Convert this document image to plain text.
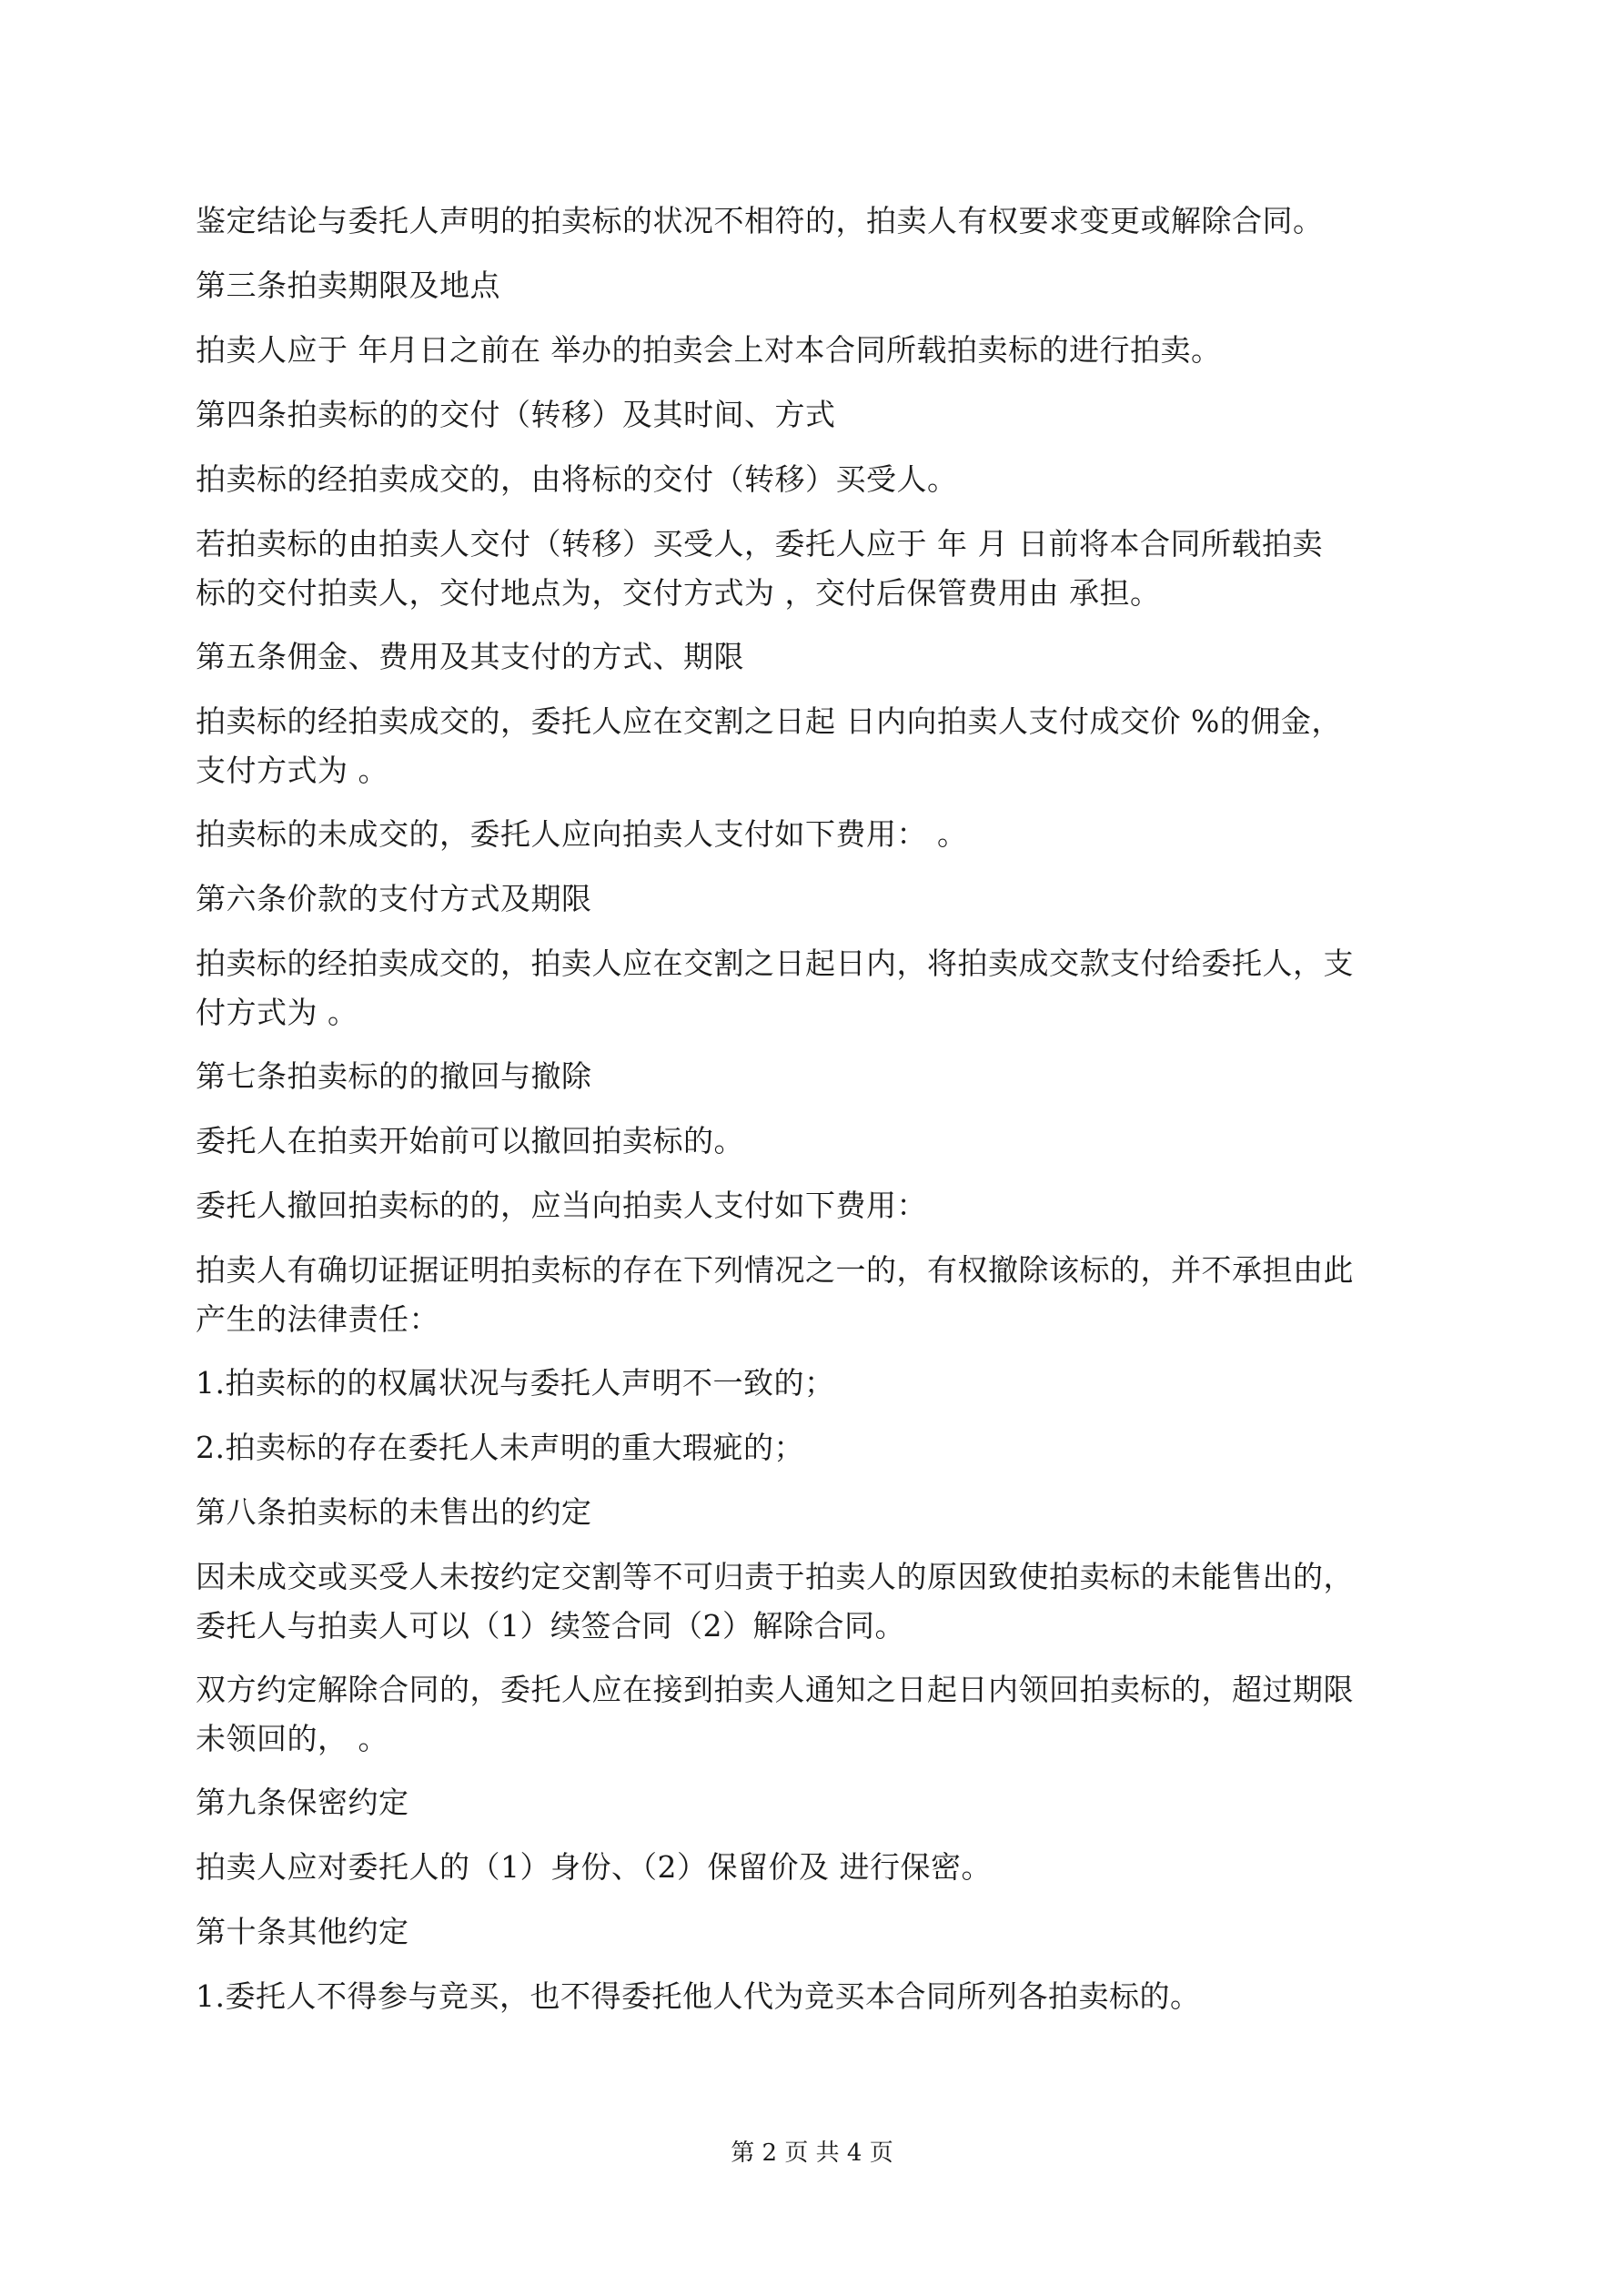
鉴定结论与委托人声明的拍卖标的状况不相符的，拍卖人有权要求变更或解除合同。
第三条拍卖期限及地点
拍卖人应于 年月日之前在 举办的拍卖会上对本合同所载拍卖标的进行拍卖。
第四条拍卖标的的交付（转移）及其时间、方式
拍卖标的经拍卖成交的，由将标的交付（转移）买受人。
若拍卖标的由拍卖人交付（转移）买受人，委托人应于 年 月 日前将本合同所载拍卖
标的交付拍卖人，交付地点为，交付方式为 ，交付后保管费用由 承担。
第五条佣金、费用及其支付的方式、期限
拍卖标的经拍卖成交的，委托人应在交割之日起 日内向拍卖人支付成交价 %的佣金，
支付方式为 。
拍卖标的未成交的，委托人应向拍卖人支付如下费用： 。
第六条价款的支付方式及期限
拍卖标的经拍卖成交的，拍卖人应在交割之日起日内，将拍卖成交款支付给委托人，支
付方式为 。
第七条拍卖标的的撤回与撤除
委托人在拍卖开始前可以撤回拍卖标的。
委托人撤回拍卖标的的，应当向拍卖人支付如下费用：
拍卖人有确切证据证明拍卖标的存在下列情况之一的，有权撤除该标的，并不承担由此
产生的法律责任：
1.拍卖标的的权属状况与委托人声明不一致的；
2.拍卖标的存在委托人未声明的重大瑕疵的；
第八条拍卖标的未售出的约定
因未成交或买受人未按约定交割等不可归责于拍卖人的原因致使拍卖标的未能售出的，
委托人与拍卖人可以（1）续签合同（2）解除合同。
双方约定解除合同的，委托人应在接到拍卖人通知之日起日内领回拍卖标的，超过期限
未领回的， 。
第九条保密约定
拍卖人应对委托人的（1）身份、（2）保留价及 进行保密。
第十条其他约定
1.委托人不得参与竞买，也不得委托他人代为竞买本合同所列各拍卖标的。
第 2 页 共 4 页
